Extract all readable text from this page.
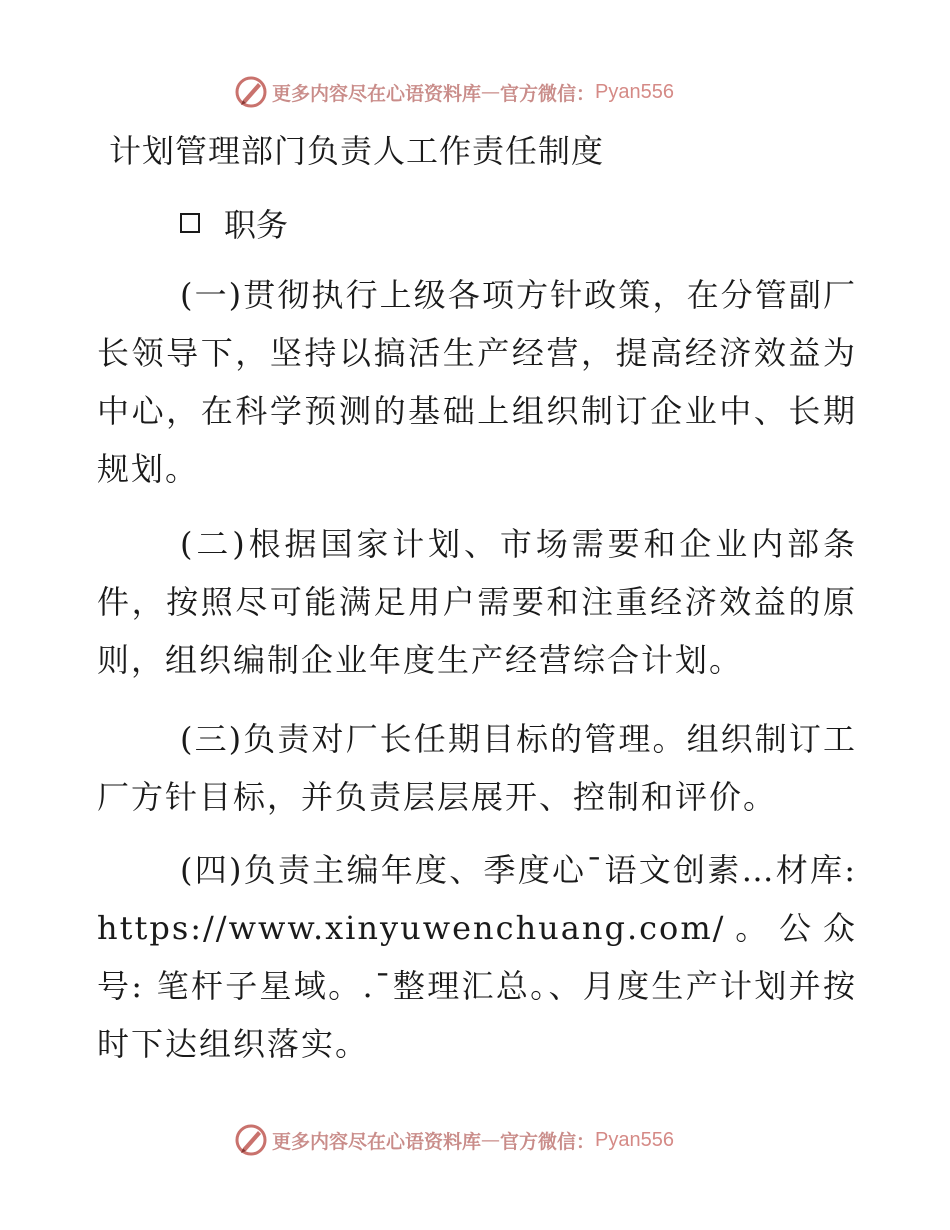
更多内容尽在心语资料库 — 官方微信： Pyan556
计划管理部门负责人工作责任制度
职务
(一)贯彻执行上级各项方针政策，在分管副厂长领导下，坚持以搞活生产经营，提高经济效益为中心，在科学预测的基础上组织制订企业中、长期规划。
(二)根据国家计划、市场需要和企业内部条件，按照尽可能满足用户需要和注重经济效益的原则，组织编制企业年度生产经营综合计划。
(三)负责对厂长任期目标的管理。组织制订工厂方针目标，并负责层层展开、控制和评价。
(四)负责主编年度、季度心¯语文创素…材库: https://www.xinyuwenchuang.com/。公众号: 笔杆子星域。.¯整理汇总。、月度生产计划并按时下达组织落实。
更多内容尽在心语资料库 — 官方微信： Pyan556
